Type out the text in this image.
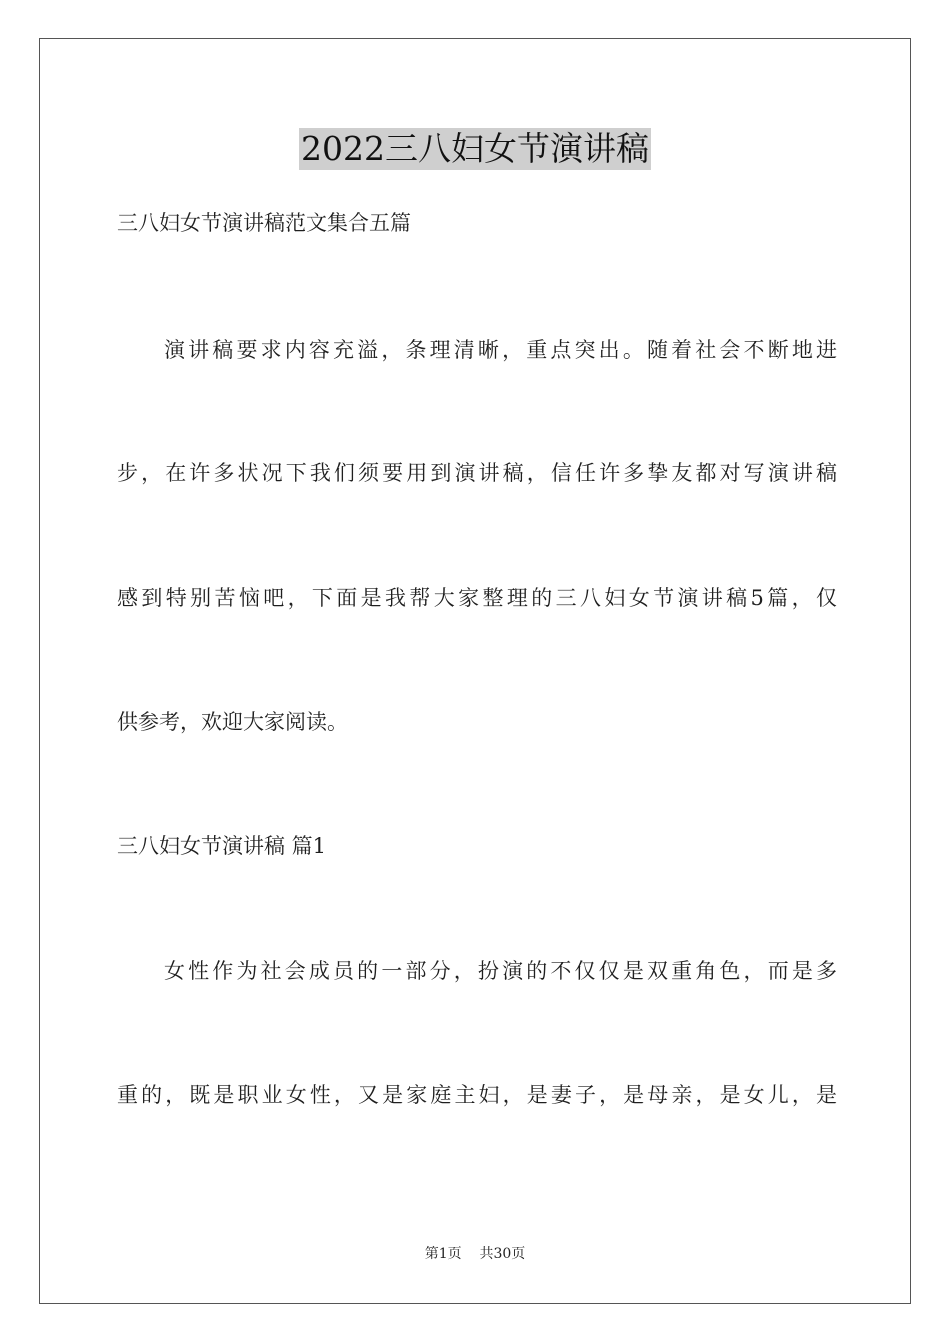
2022三八妇女节演讲稿
三八妇女节演讲稿范文集合五篇
演讲稿要求内容充溢，条理清晰，重点突出。随着社会不断地进
步，在许多状况下我们须要用到演讲稿，信任许多挚友都对写演讲稿
感到特别苦恼吧，下面是我帮大家整理的三八妇女节演讲稿5篇，仅
供参考，欢迎大家阅读。
三八妇女节演讲稿 篇1
女性作为社会成员的一部分，扮演的不仅仅是双重角色，而是多
重的，既是职业女性，又是家庭主妇，是妻子，是母亲，是女儿，是
第1页 共30页
